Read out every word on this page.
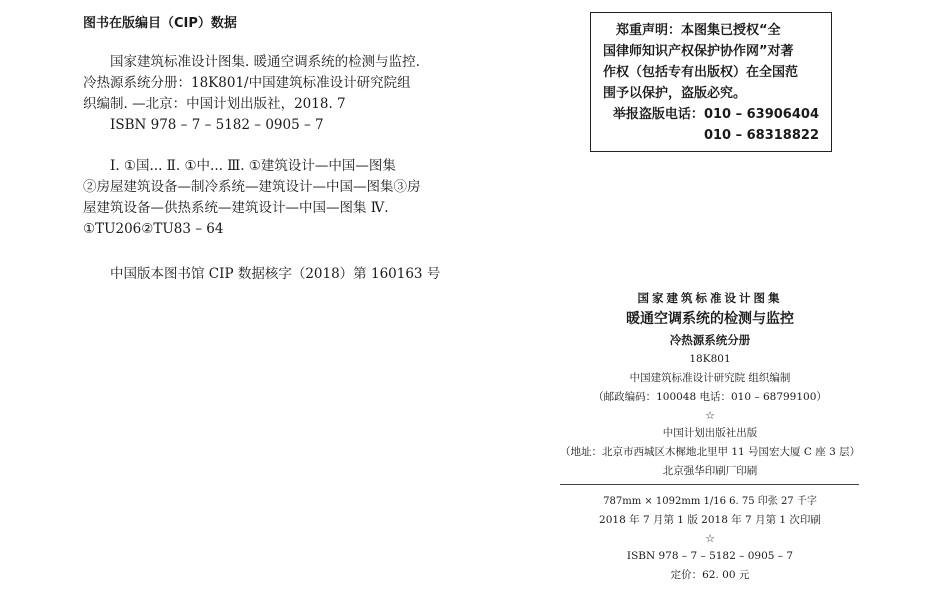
图书在版编目（CIP）数据
国家建筑标准设计图集. 暖通空调系统的检测与监控.
冷热源系统分册：18K801/中国建筑标准设计研究院组
织编制. —北京：中国计划出版社，2018. 7
ISBN 978 – 7 – 5182 – 0905 – 7
Ⅰ. ①国... Ⅱ. ①中... Ⅲ. ①建筑设计—中国—图集
②房屋建筑设备—制冷系统—建筑设计—中国—图集③房
屋建筑设备—供热系统—建筑设计—中国—图集 Ⅳ.
①TU206②TU83 – 64
中国版本图书馆 CIP 数据核字（2018）第 160163 号
郑重声明：本图集已授权“全
国律师知识产权保护协作网”对著
作权（包括专有出版权）在全国范
围予以保护，盗版必究。
举报盗版电话： 010 – 63906404
010 – 68318822
国家建筑标准设计图集
暖通空调系统的检测与监控
冷热源系统分册
18K801
中国建筑标准设计研究院 组织编制
（邮政编码：100048 电话：010 – 68799100）
☆
中国计划出版社出版
（地址：北京市西城区木樨地北里甲 11 号国宏大厦 C 座 3 层）
北京强华印刷厂印刷
787mm × 1092mm 1/16 6. 75 印张 27 千字
2018 年 7 月第 1 版 2018 年 7 月第 1 次印刷
☆
ISBN 978 – 7 – 5182 – 0905 – 7
定价：62. 00 元
